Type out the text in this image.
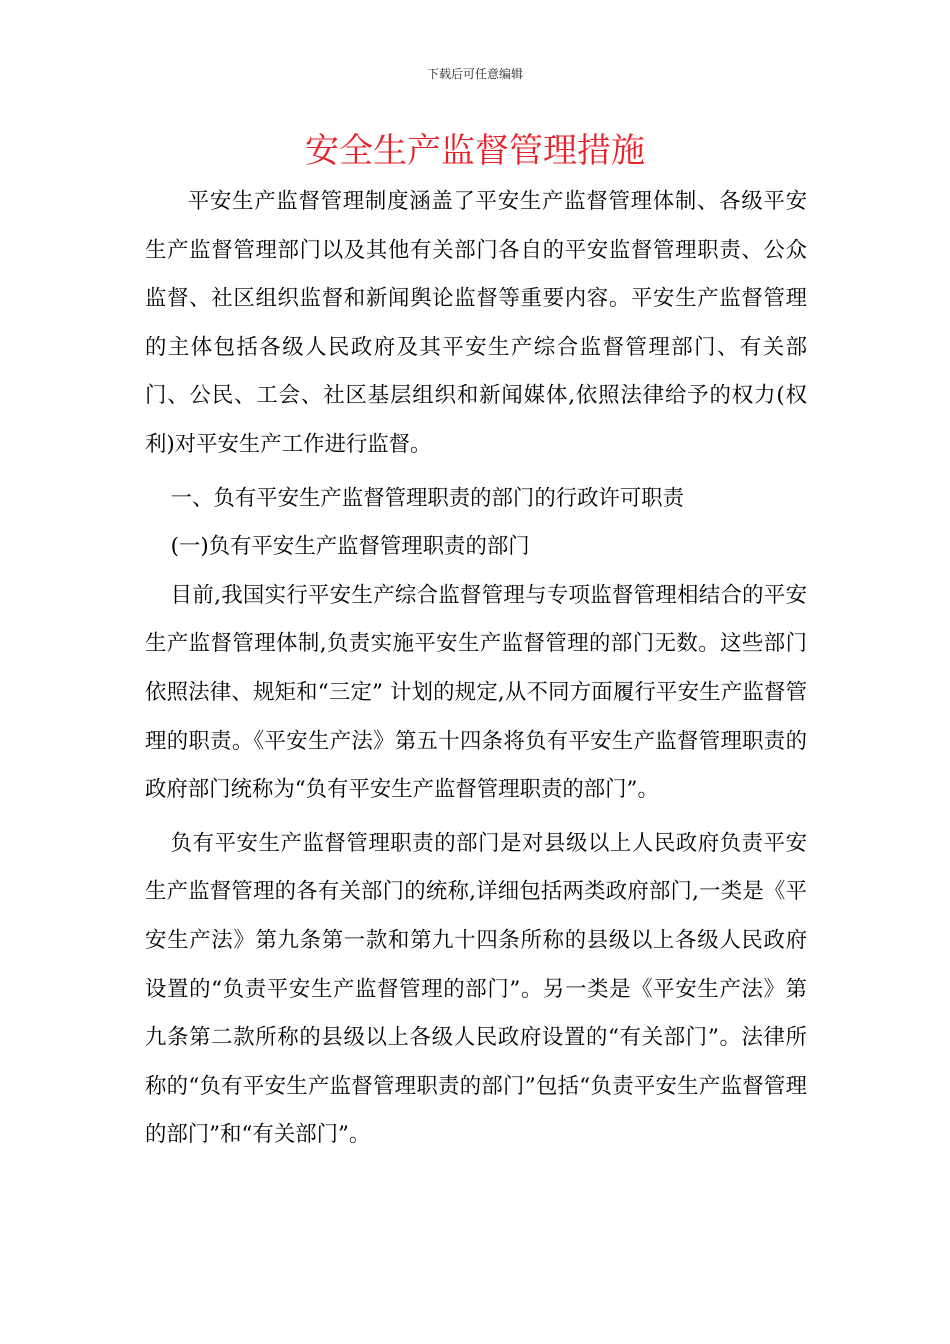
下载后可任意编辑
安全生产监督管理措施

平安生产监督管理制度涵盖了平安生产监督管理体制、各级平安生产监督管理部门以及其他有关部门各自的平安监督管理职责、公众监督、社区组织监督和新闻舆论监督等重要内容。平安生产监督管理的主体包括各级人民政府及其平安生产综合监督管理部门、有关部门、公民、工会、社区基层组织和新闻媒体,依照法律给予的权力(权利)对平安生产工作进行监督。

一、负有平安生产监督管理职责的部门的行政许可职责

(一)负有平安生产监督管理职责的部门

目前,我国实行平安生产综合监督管理与专项监督管理相结合的平安生产监督管理体制,负责实施平安生产监督管理的部门无数。这些部门依照法律、规矩和“三定” 计划的规定,从不同方面履行平安生产监督管理的职责。《平安生产法》第五十四条将负有平安生产监督管理职责的政府部门统称为“负有平安生产监督管理职责的部门”。

负有平安生产监督管理职责的部门是对县级以上人民政府负责平安生产监督管理的各有关部门的统称,详细包括两类政府部门,一类是《平安生产法》第九条第一款和第九十四条所称的县级以上各级人民政府设置的“负责平安生产监督管理的部门”。另一类是《平安生产法》第九条第二款所称的县级以上各级人民政府设置的“有关部门”。法律所称的“负有平安生产监督管理职责的部门”包括“负责平安生产监督管理的部门”和“有关部门”。
